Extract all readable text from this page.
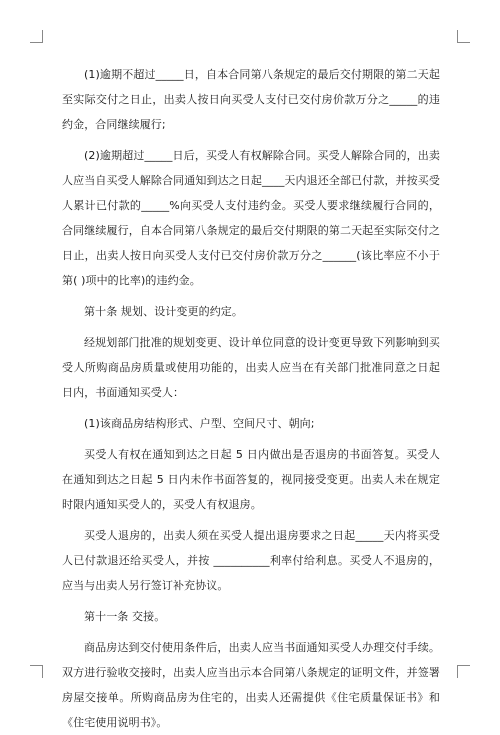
(1)逾期不超过_____日，自本合同第八条规定的最后交付期限的第二天起至实际交付之日止，出卖人按日向买受人支付已交付房价款万分之_____的违约金，合同继续履行;

(2)逾期超过_____日后，买受人有权解除合同。买受人解除合同的，出卖人应当自买受人解除合同通知到达之日起____天内退还全部已付款，并按买受人累计已付款的_____%向买受人支付违约金。买受人要求继续履行合同的，合同继续履行，自本合同第八条规定的最后交付期限的第二天起至实际交付之日止，出卖人按日向买受人支付已交付房价款万分之______(该比率应不小于第( )项中的比率)的违约金。

第十条 规划、设计变更的约定。

经规划部门批准的规划变更、设计单位同意的设计变更导致下列影响到买受人所购商品房质量或使用功能的，出卖人应当在有关部门批准同意之日起 日内，书面通知买受人：

(1)该商品房结构形式、户型、空间尺寸、朝向;

买受人有权在通知到达之日起 5 日内做出是否退房的书面答复。买受人在通知到达之日起 5 日内未作书面答复的，视同接受变更。出卖人未在规定时限内通知买受人的，买受人有权退房。

买受人退房的，出卖人须在买受人提出退房要求之日起_____天内将买受人已付款退还给买受人，并按 __________利率付给利息。买受人不退房的，应当与出卖人另行签订补充协议。

第十一条 交接。

商品房达到交付使用条件后，出卖人应当书面通知买受人办理交付手续。双方进行验收交接时，出卖人应当出示本合同第八条规定的证明文件，并签署房屋交接单。所购商品房为住宅的，出卖人还需提供《住宅质量保证书》和《住宅使用说明书》。
